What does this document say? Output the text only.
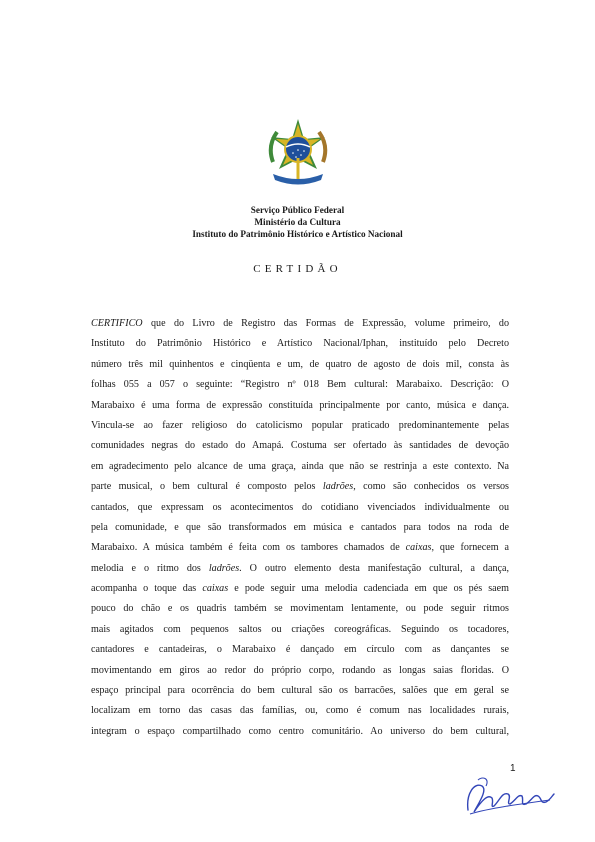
Serviço Público Federal
Ministério da Cultura
Instituto do Patrimônio Histórico e Artístico Nacional
CERTIDÃO
CERTIFICO que do Livro de Registro das Formas de Expressão, volume primeiro, do
Instituto do Patrimônio Histórico e Artístico Nacional/Iphan, instituído pelo Decreto
número três mil quinhentos e cinqüenta e um, de quatro de agosto de dois mil, consta às
folhas 055 a 057 o seguinte: “Registro nº 018 Bem cultural: Marabaixo. Descrição: O
Marabaixo é uma forma de expressão constituída principalmente por canto, música e dança.
Vincula-se ao fazer religioso do catolicismo popular praticado predominantemente pelas
comunidades negras do estado do Amapá. Costuma ser ofertado às santidades de devoção
em agradecimento pelo alcance de uma graça, ainda que não se restrinja a este contexto. Na
parte musical, o bem cultural é composto pelos ladrões, como são conhecidos os versos
cantados, que expressam os acontecimentos do cotidiano vivenciados individualmente ou
pela comunidade, e que são transformados em música e cantados para todos na roda de
Marabaixo. A música também é feita com os tambores chamados de caixas, que fornecem a
melodia e o ritmo dos ladrões. O outro elemento desta manifestação cultural, a dança,
acompanha o toque das caixas e pode seguir uma melodia cadenciada em que os pés saem
pouco do chão e os quadris também se movimentam lentamente, ou pode seguir ritmos
mais agitados com pequenos saltos ou criações coreográficas. Seguindo os tocadores,
cantadores e cantadeiras, o Marabaixo é dançado em círculo com as dançantes se
movimentando em giros ao redor do próprio corpo, rodando as longas saias floridas. O
espaço principal para ocorrência do bem cultural são os barracões, salões que em geral se
localizam em torno das casas das famílias, ou, como é comum nas localidades rurais,
integram o espaço compartilhado como centro comunitário. Ao universo do bem cultural,
1
